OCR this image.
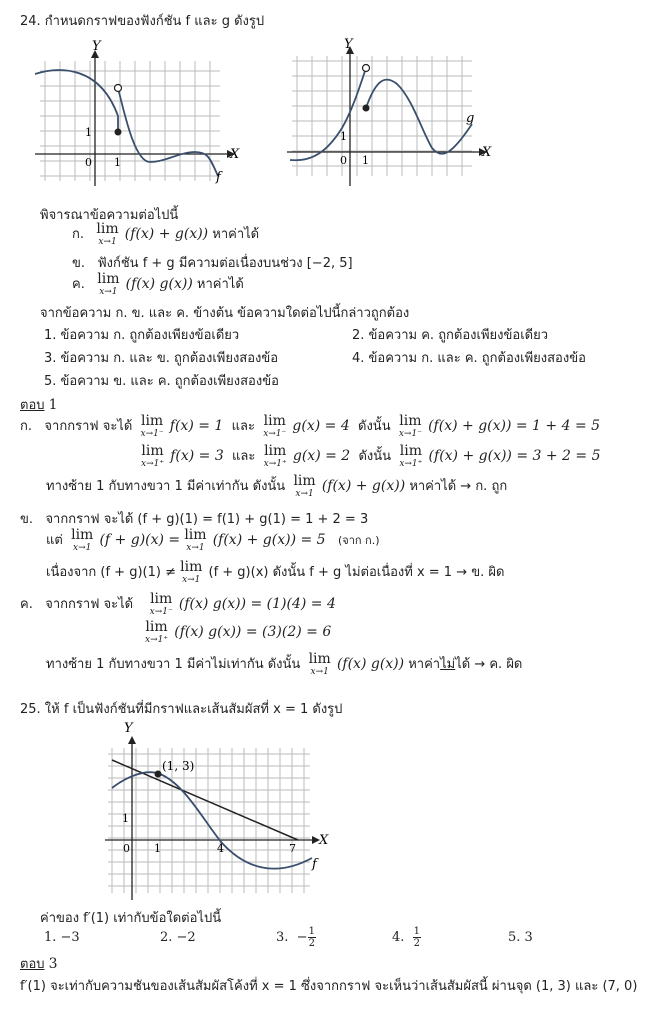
24. กำหนดกราฟของฟังก์ชัน f และ g ดังรูป
Y
X
f
0 1
1
Y
X
g
0 1
1
พิจารณาข้อความต่อไปนี้
ก. lim
x→1 (f(x) + g(x)) หาค่าได้
ข. ฟังก์ชัน f + g มีความต่อเนื่องบนช่วง [−2, 5]
ค. lim
x→1 (f(x) g(x)) หาค่าได้
จากข้อความ ก. ข. และ ค. ข้างต้น ข้อความใดต่อไปนี้กล่าวถูกต้อง
1. ข้อความ ก. ถูกต้องเพียงข้อเดียว	2. ข้อความ ค. ถูกต้องเพียงข้อเดียว
3. ข้อความ ก. และ ข. ถูกต้องเพียงสองข้อ	4. ข้อความ ก. และ ค. ถูกต้องเพียงสองข้อ
5. ข้อความ ข. และ ค. ถูกต้องเพียงสองข้อ
ตอบ 1
ก. จากกราฟ จะได้ lim
x→1⁻ f(x) = 1 และ lim
x→1⁻ g(x) = 4 ดังนั้น lim
x→1⁻ (f(x) + g(x)) = 1 + 4 = 5
lim
x→1⁺ f(x) = 3 และ lim
x→1⁺ g(x) = 2 ดังนั้น lim
x→1⁺ (f(x) + g(x)) = 3 + 2 = 5
ทางซ้าย 1 กับทางขวา 1 มีค่าเท่ากัน ดังนั้น lim
x→1 (f(x) + g(x)) หาค่าได้ → ก. ถูก
ข. จากกราฟ จะได้ (f + g)(1) = f(1) + g(1) = 1 + 2 = 3
แต่ lim
x→1 (f + g)(x) = lim
x→1 (f(x) + g(x)) = 5 (จาก ก.)
เนื่องจาก (f + g)(1) ≠ lim
x→1 (f + g)(x) ดังนั้น f + g ไม่ต่อเนื่องที่ x = 1 → ข. ผิด
ค. จากกราฟ จะได้ lim
x→1⁻ (f(x) g(x)) = (1)(4) = 4
lim
x→1⁺ (f(x) g(x)) = (3)(2) = 6
ทางซ้าย 1 กับทางขวา 1 มีค่าไม่เท่ากัน ดังนั้น lim
x→1 (f(x) g(x)) หาค่าไม่ได้ → ค. ผิด
25. ให้ f เป็นฟังก์ชันที่มีกราฟและเส้นสัมผัสที่ x = 1 ดังรูป
Y
X
f
(1, 3)
0 1	4	7
1
ค่าของ f′(1) เท่ากับข้อใดต่อไปนี้
1. −3	2. −2	3. − $\frac{1}{2}$	4. $\frac{1}{2}$	5. 3
ตอบ 3
f′(1) จะเท่ากับความชันของเส้นสัมผัสโค้งที่ x = 1 ซึ่งจากกราฟ จะเห็นว่าเส้นสัมผัสนี้ ผ่านจุด (1, 3) และ (7, 0)
